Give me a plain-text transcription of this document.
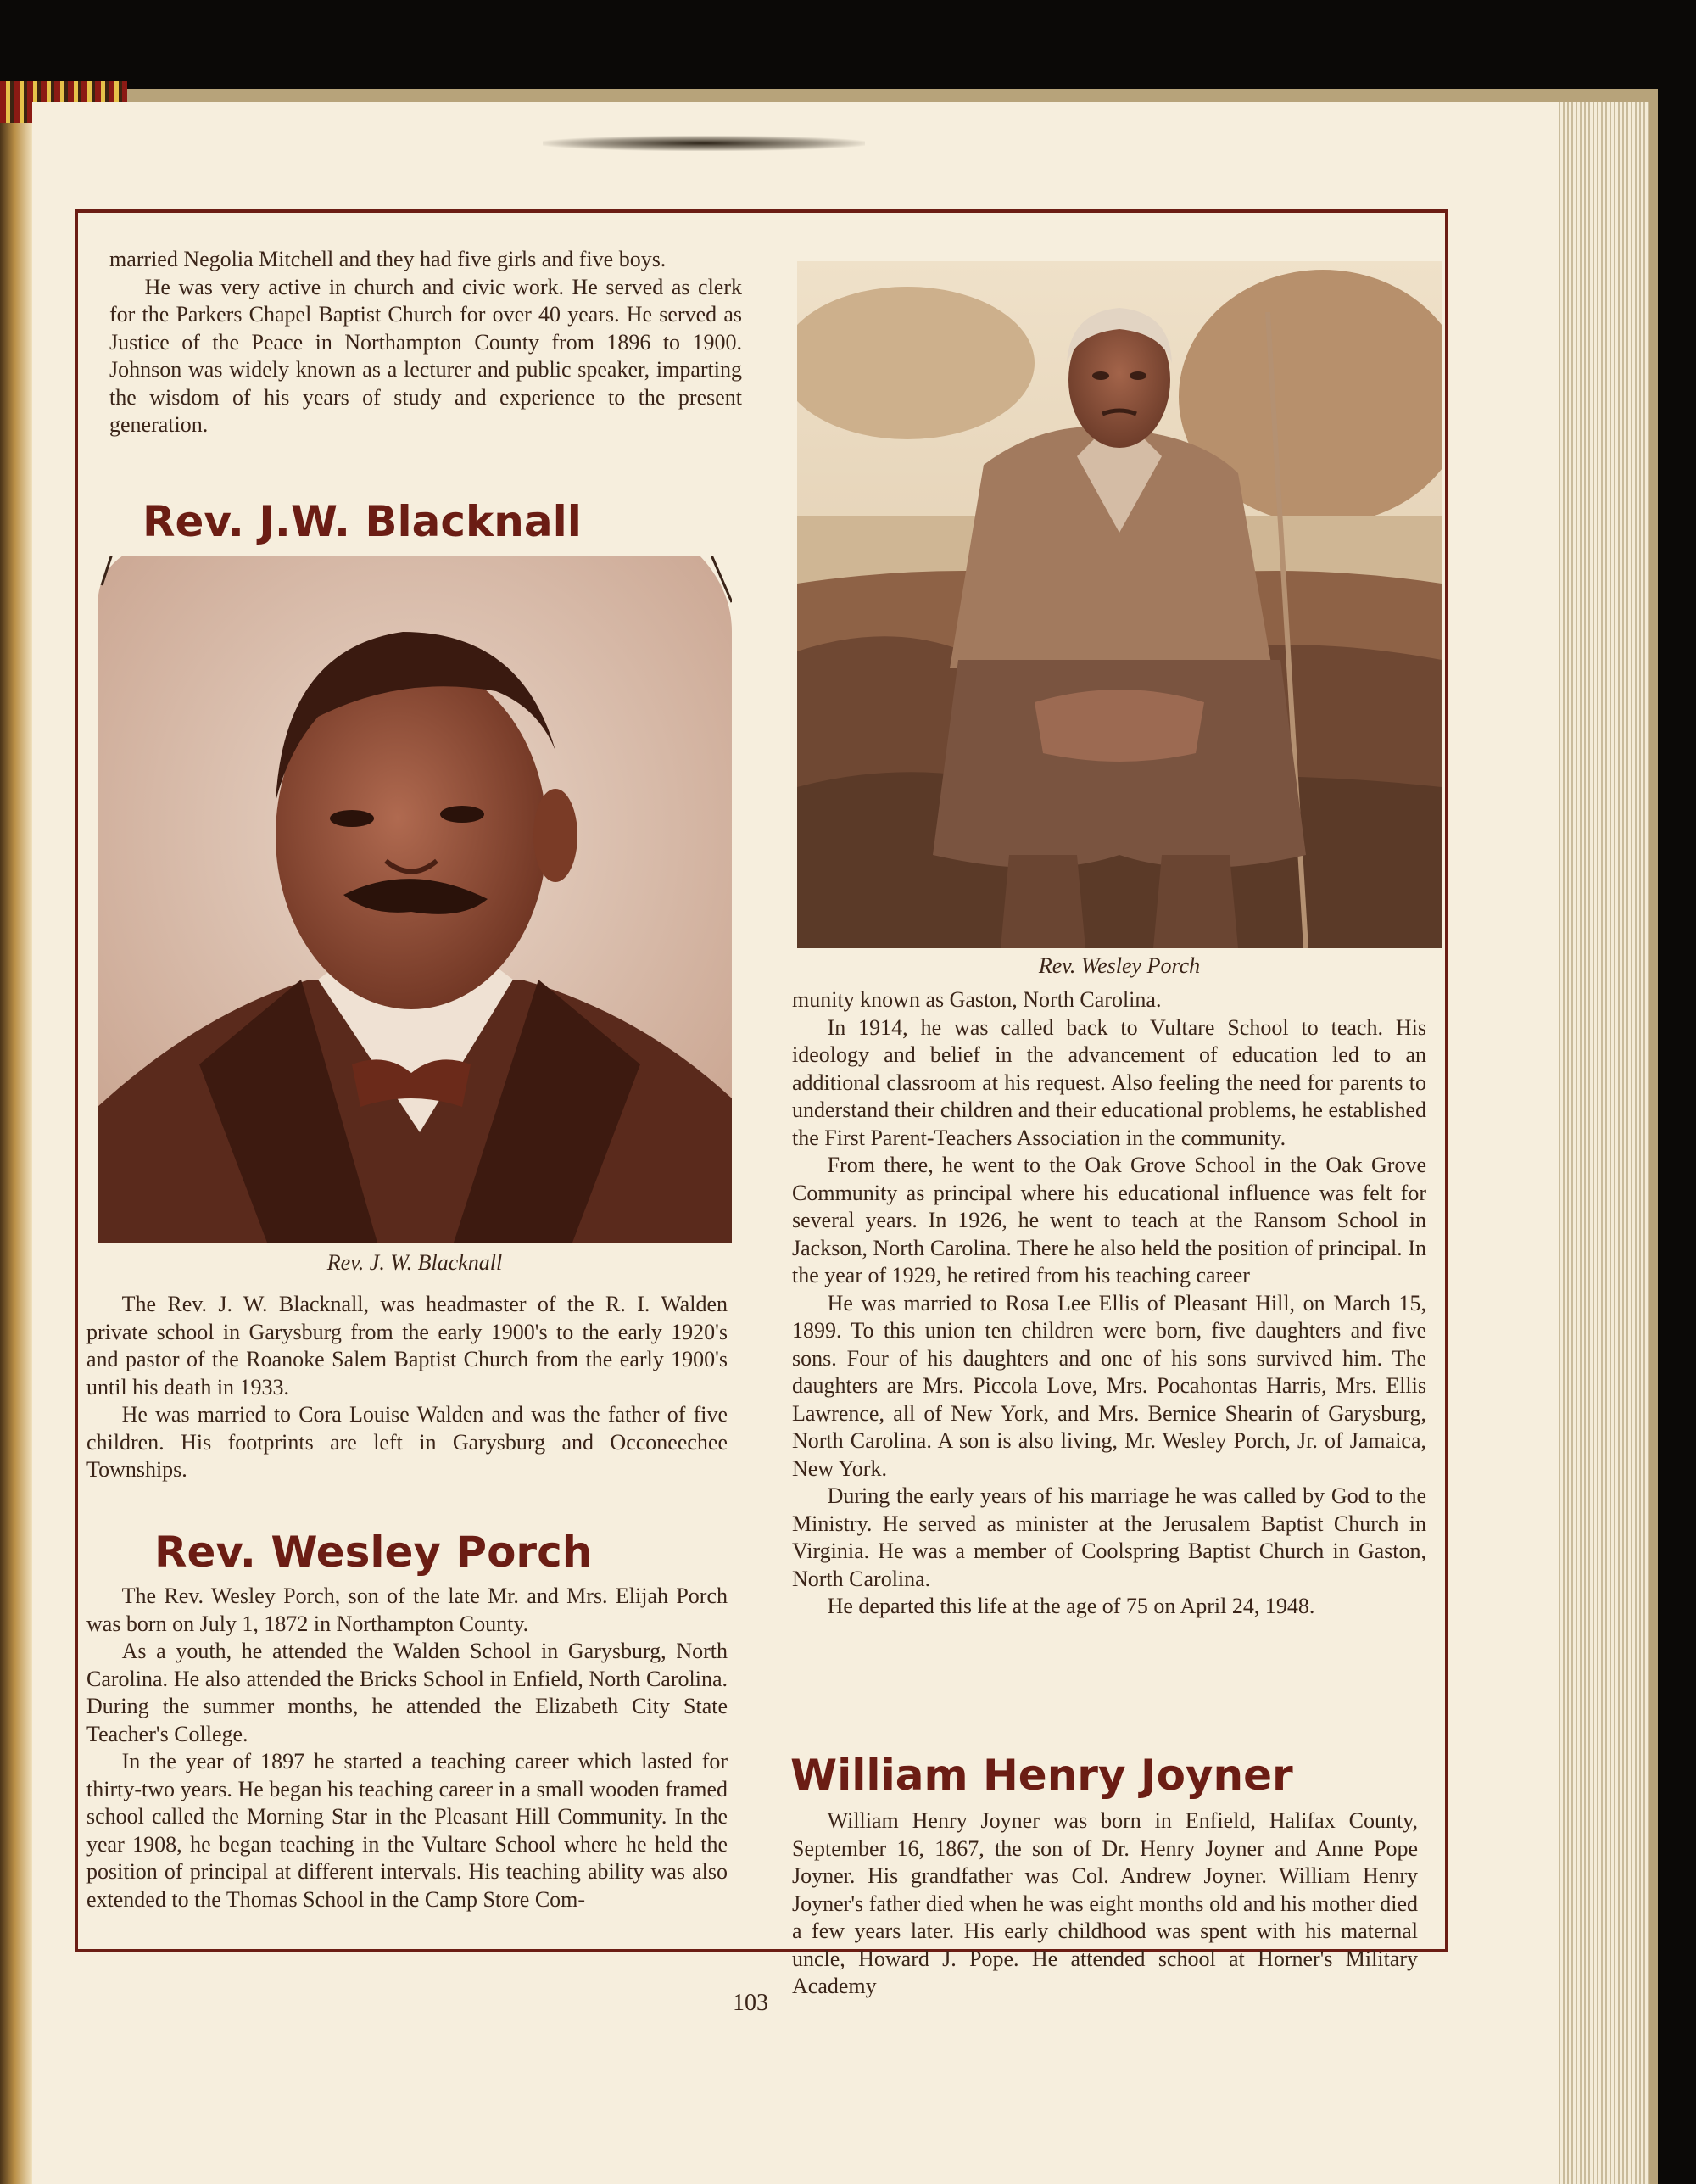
married Negolia Mitchell and they had five girls and five boys.

He was very active in church and civic work. He served as clerk for the Parkers Chapel Baptist Church for over 40 years. He served as Justice of the Peace in Northampton County from 1896 to 1900. Johnson was widely known as a lecturer and public speaker, imparting the wisdom of his years of study and experience to the present generation.

Rev. J.W. Blacknall
Rev. J. W. Blacknall

The Rev. J. W. Blacknall, was headmaster of the R. I. Walden private school in Garysburg from the early 1900's to the early 1920's and pastor of the Roanoke Salem Baptist Church from the early 1900's until his death in 1933.

He was married to Cora Louise Walden and was the father of five children. His footprints are left in Garysburg and Occoneechee Townships.

Rev. Wesley Porch

The Rev. Wesley Porch, son of the late Mr. and Mrs. Elijah Porch was born on July 1, 1872 in Northampton County.

As a youth, he attended the Walden School in Garysburg, North Carolina. He also attended the Bricks School in Enfield, North Carolina. During the summer months, he attended the Elizabeth City State Teacher's College.

In the year of 1897 he started a teaching career which lasted for thirty-two years. He began his teaching career in a small wooden framed school called the Morning Star in the Pleasant Hill Community. In the year 1908, he began teaching in the Vultare School where he held the position of principal at different intervals. His teaching ability was also extended to the Thomas School in the Camp Store Com-

Rev. Wesley Porch

munity known as Gaston, North Carolina.

In 1914, he was called back to Vultare School to teach. His ideology and belief in the advancement of education led to an additional classroom at his request. Also feeling the need for parents to understand their children and their educational problems, he established the First Parent-Teachers Association in the community.

From there, he went to the Oak Grove School in the Oak Grove Community as principal where his educational influence was felt for several years. In 1926, he went to teach at the Ransom School in Jackson, North Carolina. There he also held the position of principal. In the year of 1929, he retired from his teaching career

He was married to Rosa Lee Ellis of Pleasant Hill, on March 15, 1899. To this union ten children were born, five daughters and five sons. Four of his daughters and one of his sons survived him. The daughters are Mrs. Piccola Love, Mrs. Pocahontas Harris, Mrs. Ellis Lawrence, all of New York, and Mrs. Bernice Shearin of Garysburg, North Carolina. A son is also living, Mr. Wesley Porch, Jr. of Jamaica, New York.

During the early years of his marriage he was called by God to the Ministry. He served as minister at the Jerusalem Baptist Church in Virginia. He was a member of Coolspring Baptist Church in Gaston, North Carolina.

He departed this life at the age of 75 on April 24, 1948.

William Henry Joyner

William Henry Joyner was born in Enfield, Halifax County, September 16, 1867, the son of Dr. Henry Joyner and Anne Pope Joyner. His grandfather was Col. Andrew Joyner. William Henry Joyner's father died when he was eight months old and his mother died a few years later. His early childhood was spent with his maternal uncle, Howard J. Pope. He attended school at Horner's Military Academy

103
